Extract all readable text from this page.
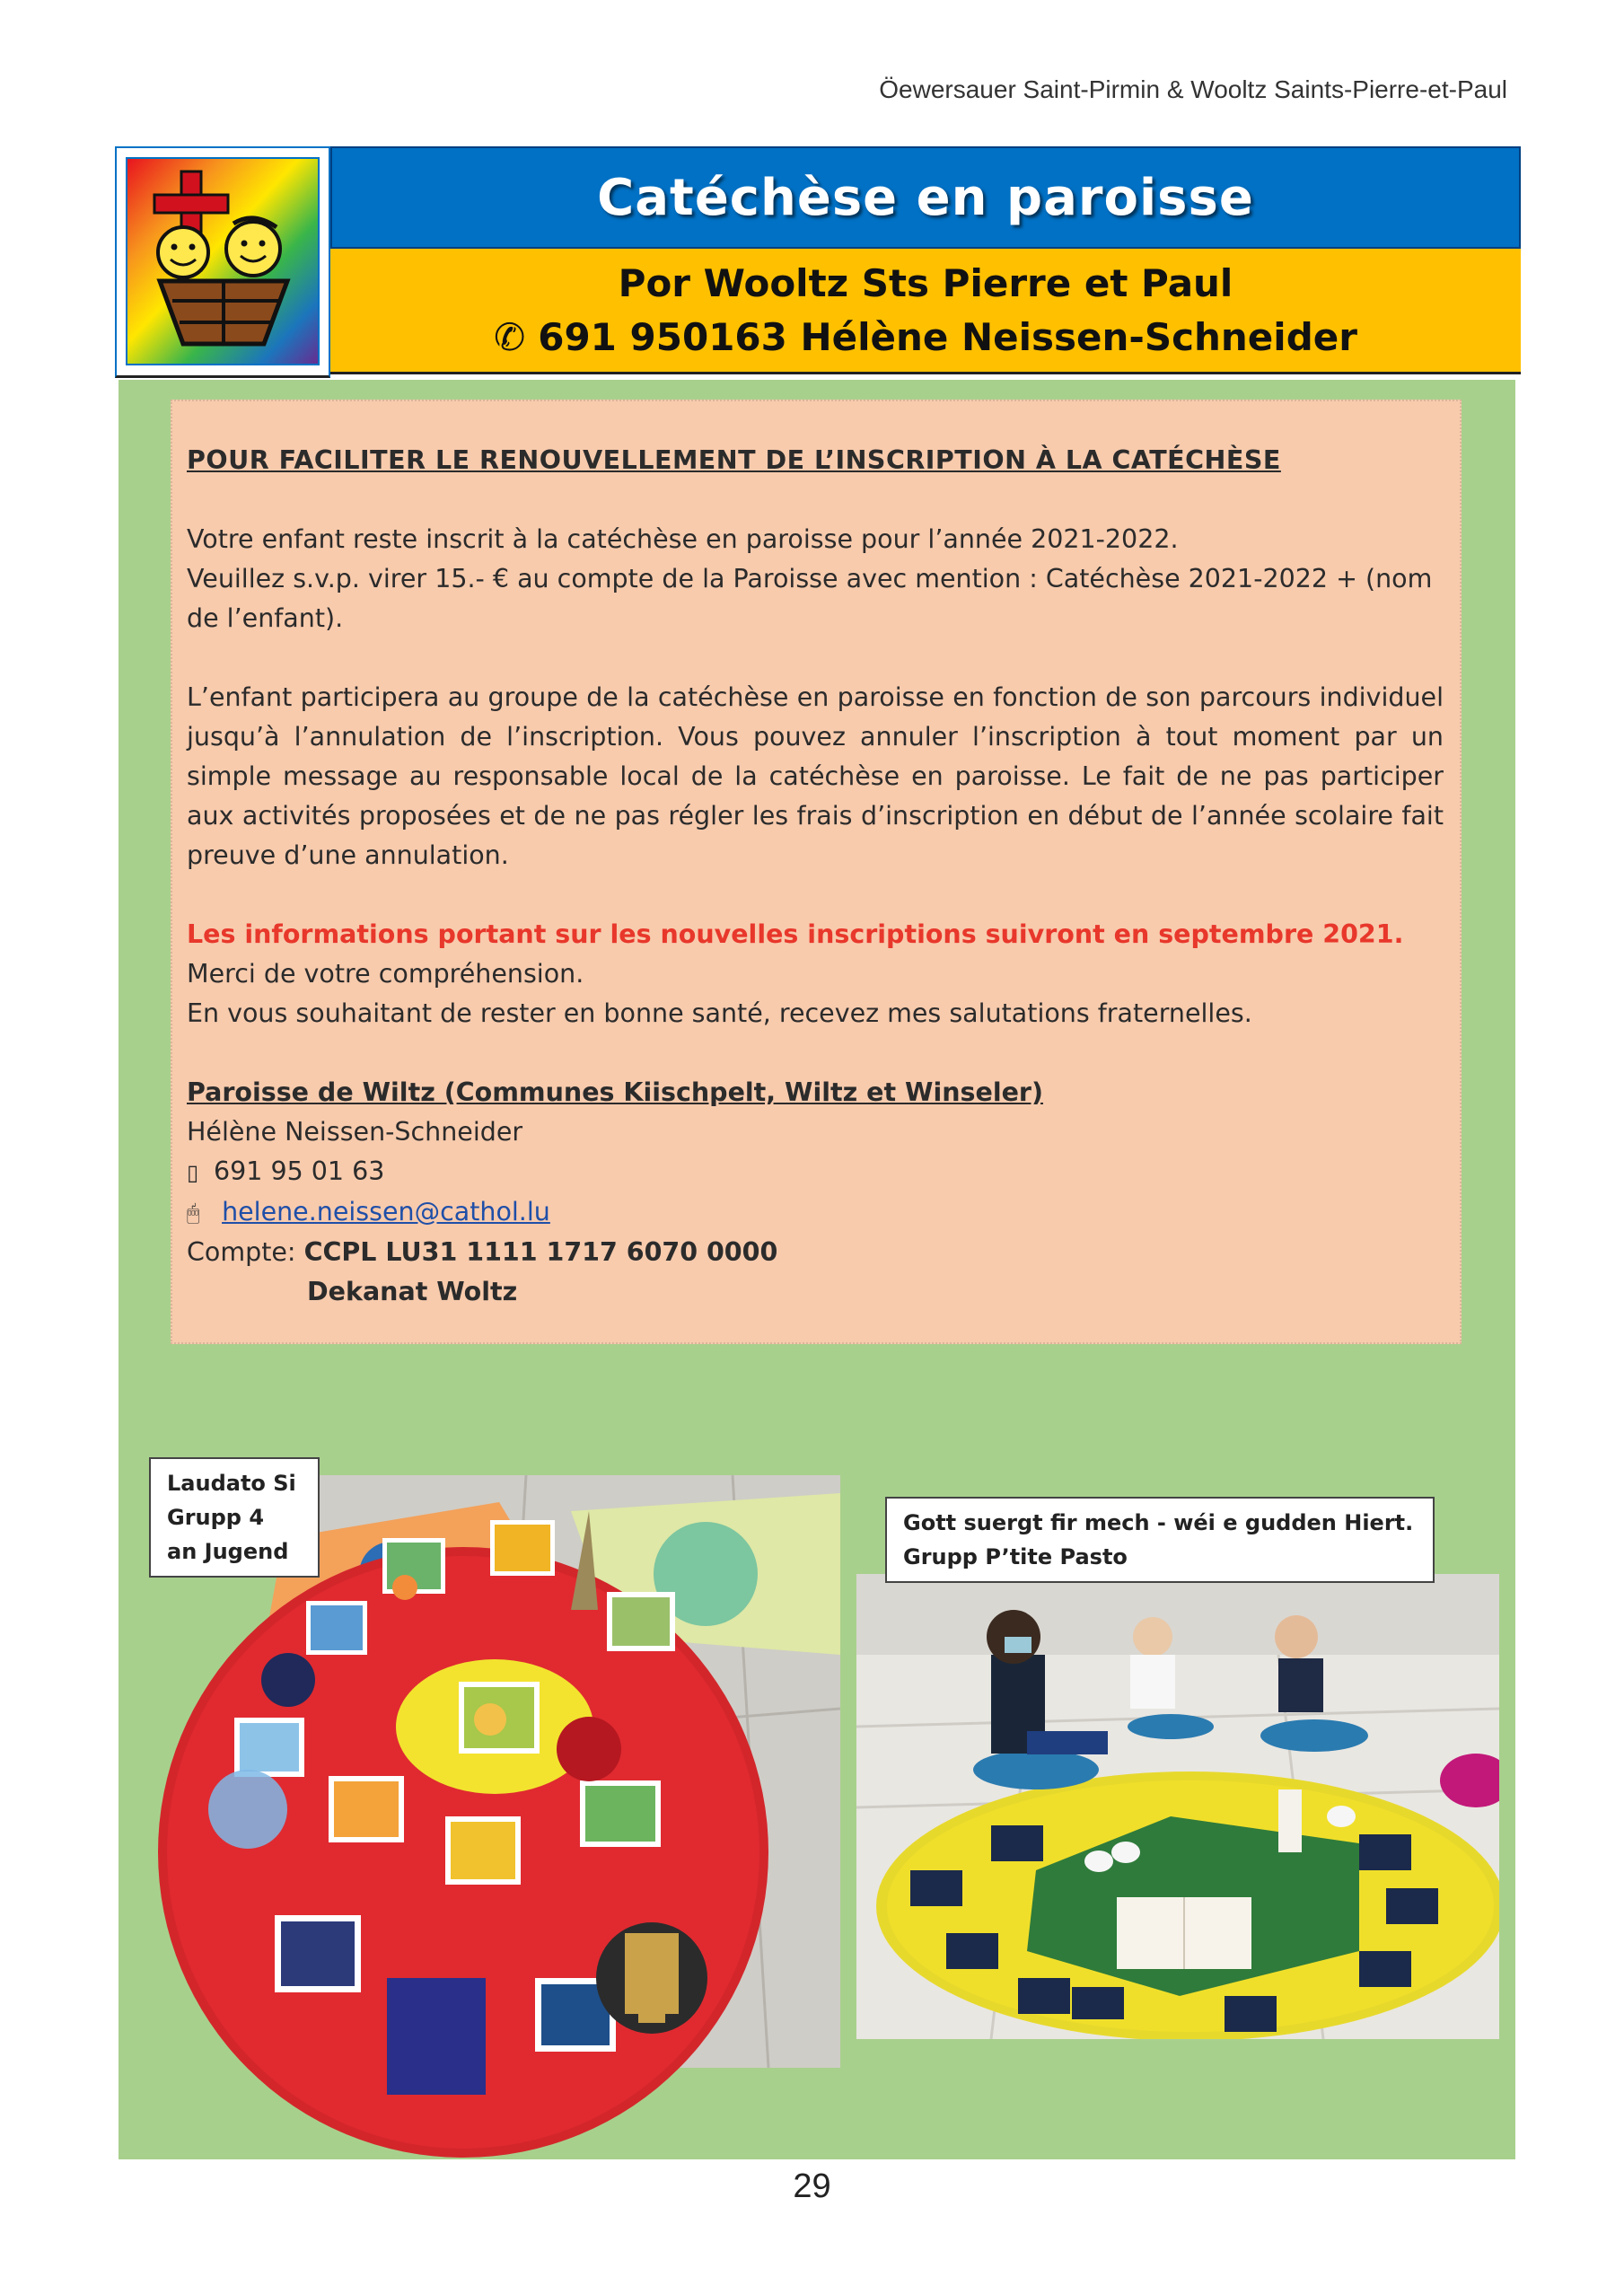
Öewersauer Saint-Pirmin & Wooltz Saints-Pierre-et-Paul
Catéchèse en paroisse
Por Wooltz Sts Pierre et Paul
✆ 691 950163 Hélène Neissen-Schneider

POUR FACILITER LE RENOUVELLEMENT DE L’INSCRIPTION À LA CATÉCHÈSE

Votre enfant reste inscrit à la catéchèse en paroisse pour l’année 2021-2022.

Veuillez s.v.p. virer 15.- € au compte de la Paroisse avec mention : Catéchèse 2021-2022 + (nom de l’enfant).

L’enfant participera au groupe de la catéchèse en paroisse en fonction de son parcours individuel jusqu’à l’annulation de l’inscription. Vous pouvez annuler l’inscription à tout moment par un simple message au responsable local de la catéchèse en paroisse. Le fait de ne pas participer aux activités proposées et de ne pas régler les frais d’inscription en début de l’année scolaire fait preuve d’une annulation.

Les informations portant sur les nouvelles inscriptions suivront en septembre 2021.

Merci de votre compréhension.

En vous souhaitant de rester en bonne santé, recevez mes salutations fraternelles.

Paroisse de Wiltz (Communes Kiischpelt, Wiltz et Winseler)

Hélène Neissen-Schneider

▯ 691 95 01 63

🖱 helene.neissen@cathol.lu

Compte: CCPL LU31 1111 1717 6070 0000

Dekanat Woltz

Laudato Si
Grupp 4
an Jugend
Gott suergt fir mech - wéi e gudden Hiert.
Grupp P’tite Pasto
29
